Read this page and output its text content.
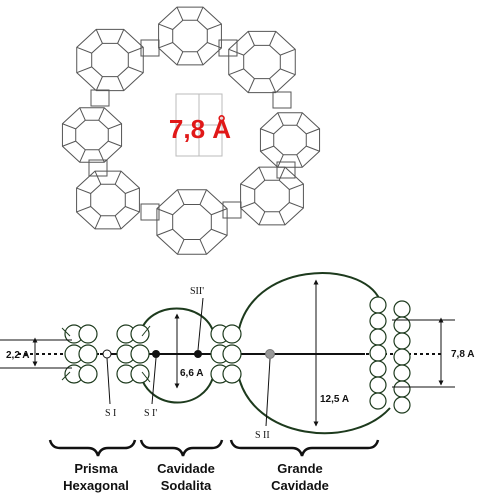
7,8 Å
2,2 A
6,6 A
12,5 A
7,8 A
S I	S I'
SII'
S II
Prisma
Hexagonal
Cavidade
Sodalita
Grande
Cavidade
